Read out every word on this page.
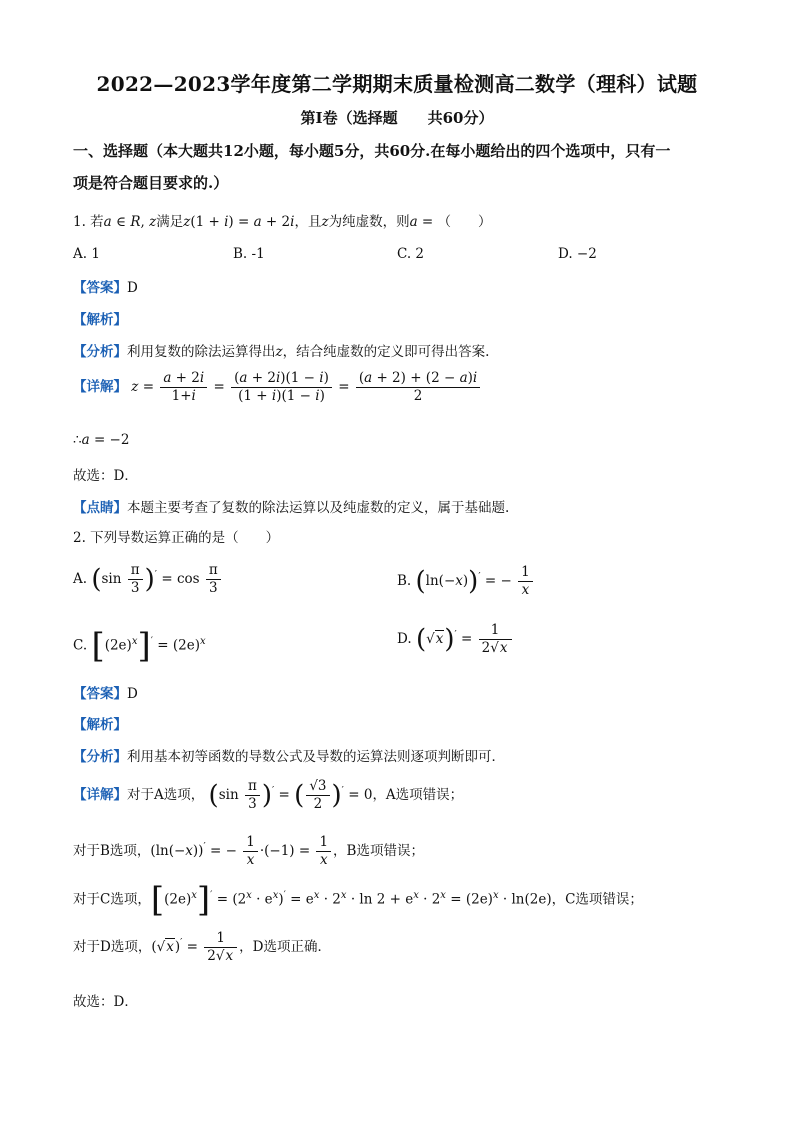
2022—2023学年度第二学期期末质量检测高二数学（理科）试题
第Ⅰ卷（选择题 共60分）
一、选择题（本大题共12小题，每小题5分，共60分.在每小题给出的四个选项中，只有一
项是符合题目要求的.）
1. 若a ∈ R, z满足z(1 + i) = a + 2i，且z为纯虚数，则a = （　　）
A. 1	B. -1	C. 2	D. −2
【答案】D
【解析】
【分析】利用复数的除法运算得出z，结合纯虚数的定义即可得出答案.
【详解】 $z = \frac{a + 2i}{1+i} = \frac{(a + 2i)(1 - i)}{(1 + i)(1 - i)} = \frac{(a + 2) + (2 - a)i}{2}$
∴a = −2
故选：D．
【点睛】本题主要考查了复数的除法运算以及纯虚数的定义，属于基础题.
2. 下列导数运算正确的是（　　）
A. $(\sin \frac{\pi}{3} )' = \cos \frac{\pi}{3}$	B. (ln(−x))′ = − $\frac{1}{x}$
C. $[(2e)^x]' = (2e)^x$	D. $(√x)' = \frac{1}{2√x}$
【答案】D
【解析】
【分析】利用基本初等函数的导数公式及导数的运算法则逐项判断即可．
【详解】对于A选项， $(\sin \frac{\pi}{3} )'$ = ( $\frac{√3}{2} )' = 0$，A选项错误；
对于B选项，(ln(−x))′ = − $\frac{1}{x} \cdot(-1) = \frac{1}{x}$ ，B选项错误；
对于C选项，$[(2e)^x]' = (2^x \cdot e^x)' = e^x \cdot 2^x \cdot \ln 2 + e^x \cdot 2^x = (2e)^x \cdot \ln(2e)$，C选项错误；
对于D选项，$(√x)' = \frac{1}{2√x}$ ，D选项正确．
故选：D．
